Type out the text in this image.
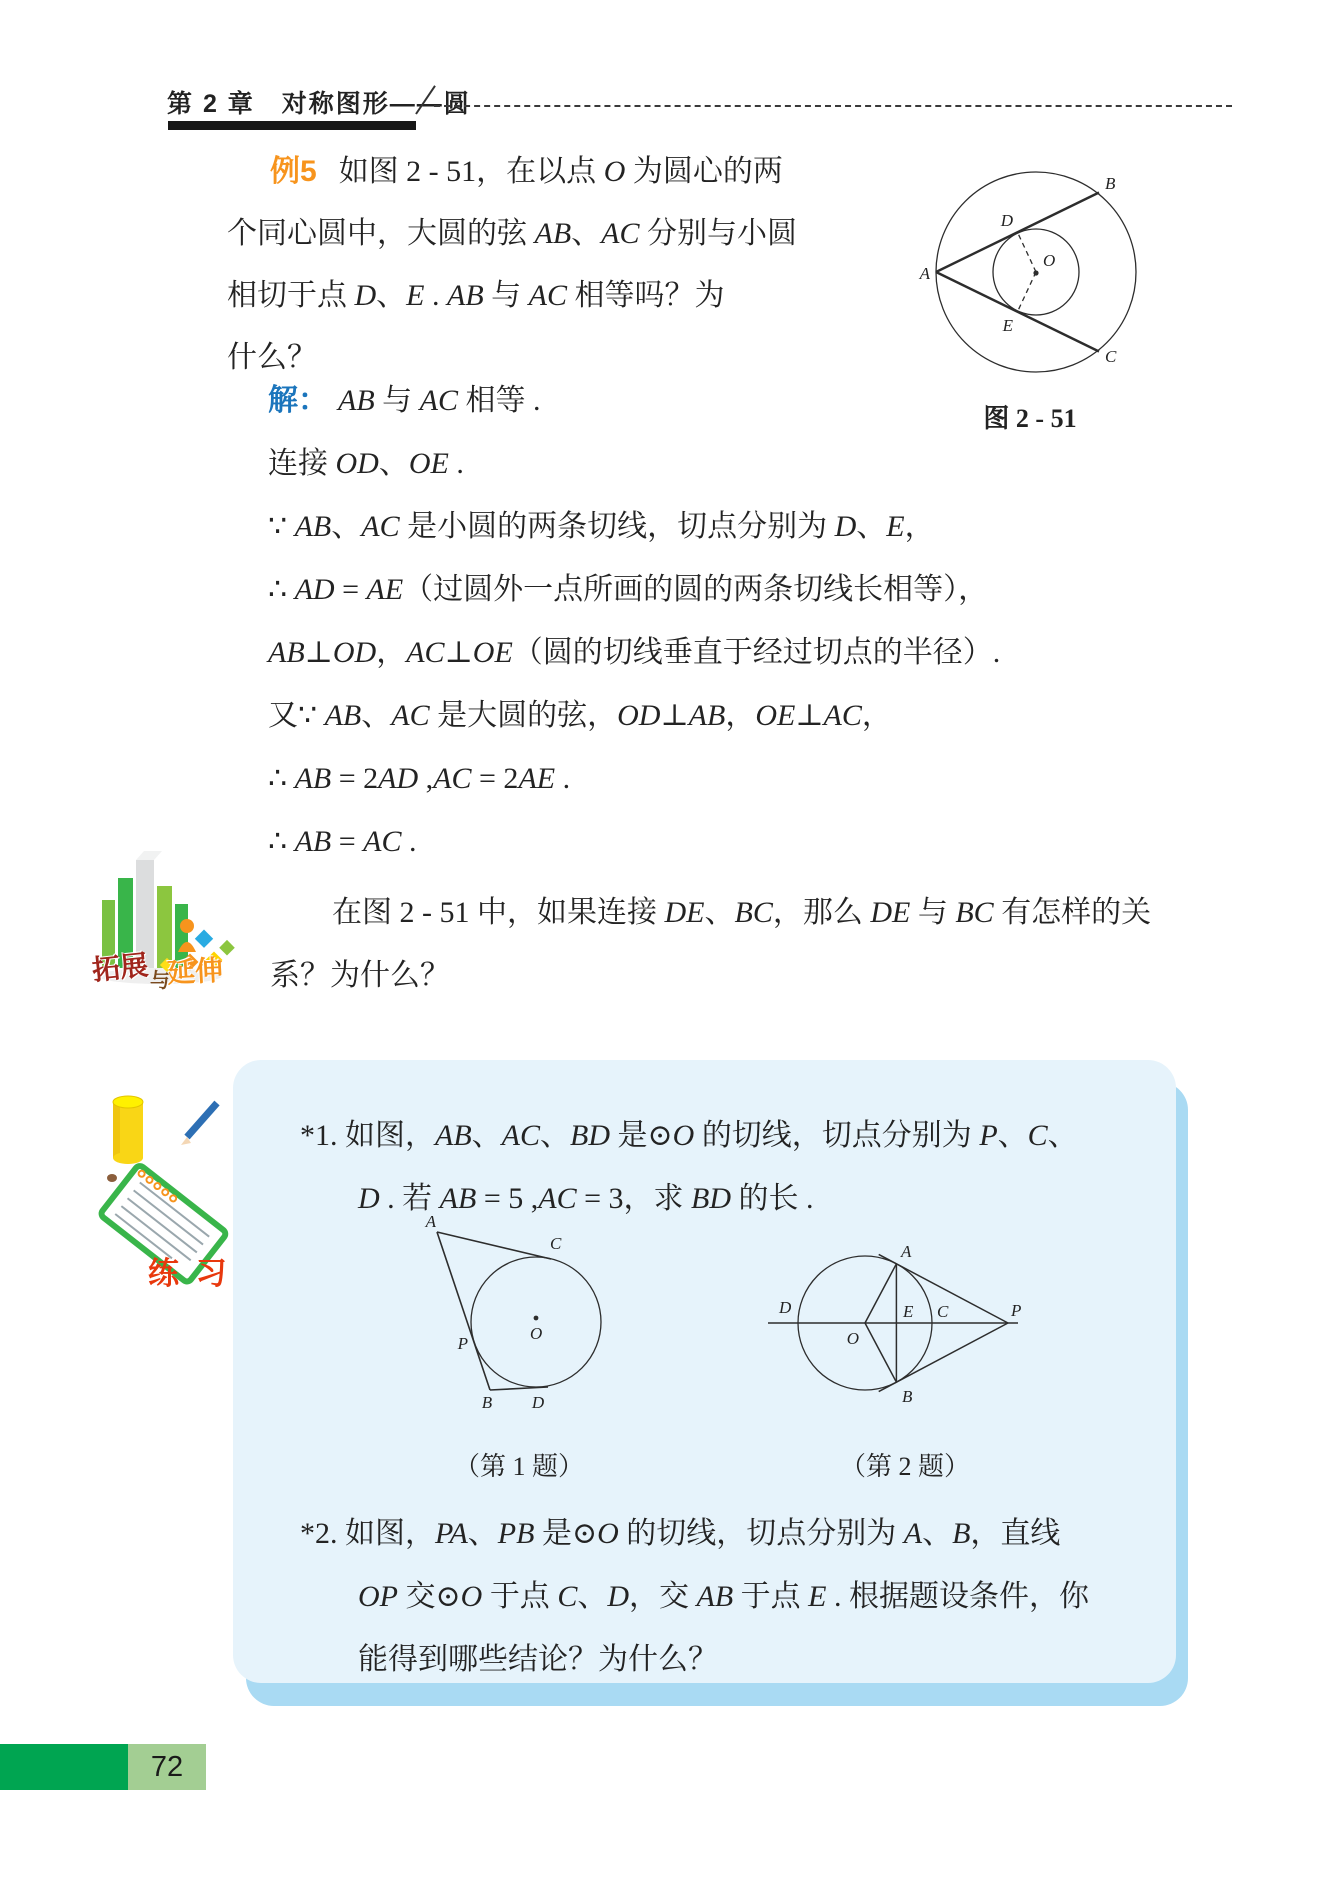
第 2 章　对称图形——圆
例5 如图 2 - 51，在以点 O 为圆心的两
个同心圆中，大圆的弦 AB、AC 分别与小圆
相切于点 D、E . AB 与 AC 相等吗？为
什么？
A
B
C
D
E
O
图 2 - 51
解： AB 与 AC 相等 .
连接 OD、OE .
∵ AB、AC 是小圆的两条切线，切点分别为 D、E，
∴ AD = AE（过圆外一点所画的圆的两条切线长相等），
AB⊥OD，AC⊥OE（圆的切线垂直于经过切点的半径）.
又∵ AB、AC 是大圆的弦，OD⊥AB，OE⊥AC，
∴ AB = 2AD ,AC = 2AE .
∴ AB = AC .
拓展 与
延伸
在图 2 - 51 中，如果连接 DE、BC，那么 DE 与 BC 有怎样的关
系？为什么？
练 习
*1. 如图，AB、AC、BD 是⊙O 的切线，切点分别为 P、C、
D . 若 AB = 5 ,AC = 3，求 BD 的长 .
A
C
P
O
B D
（第 1 题）
D
A
E C	P
O
B
（第 2 题）
*2. 如图，PA、PB 是⊙O 的切线，切点分别为 A、B，直线
OP 交⊙O 于点 C、D，交 AB 于点 E . 根据题设条件，你
能得到哪些结论？为什么？
72
